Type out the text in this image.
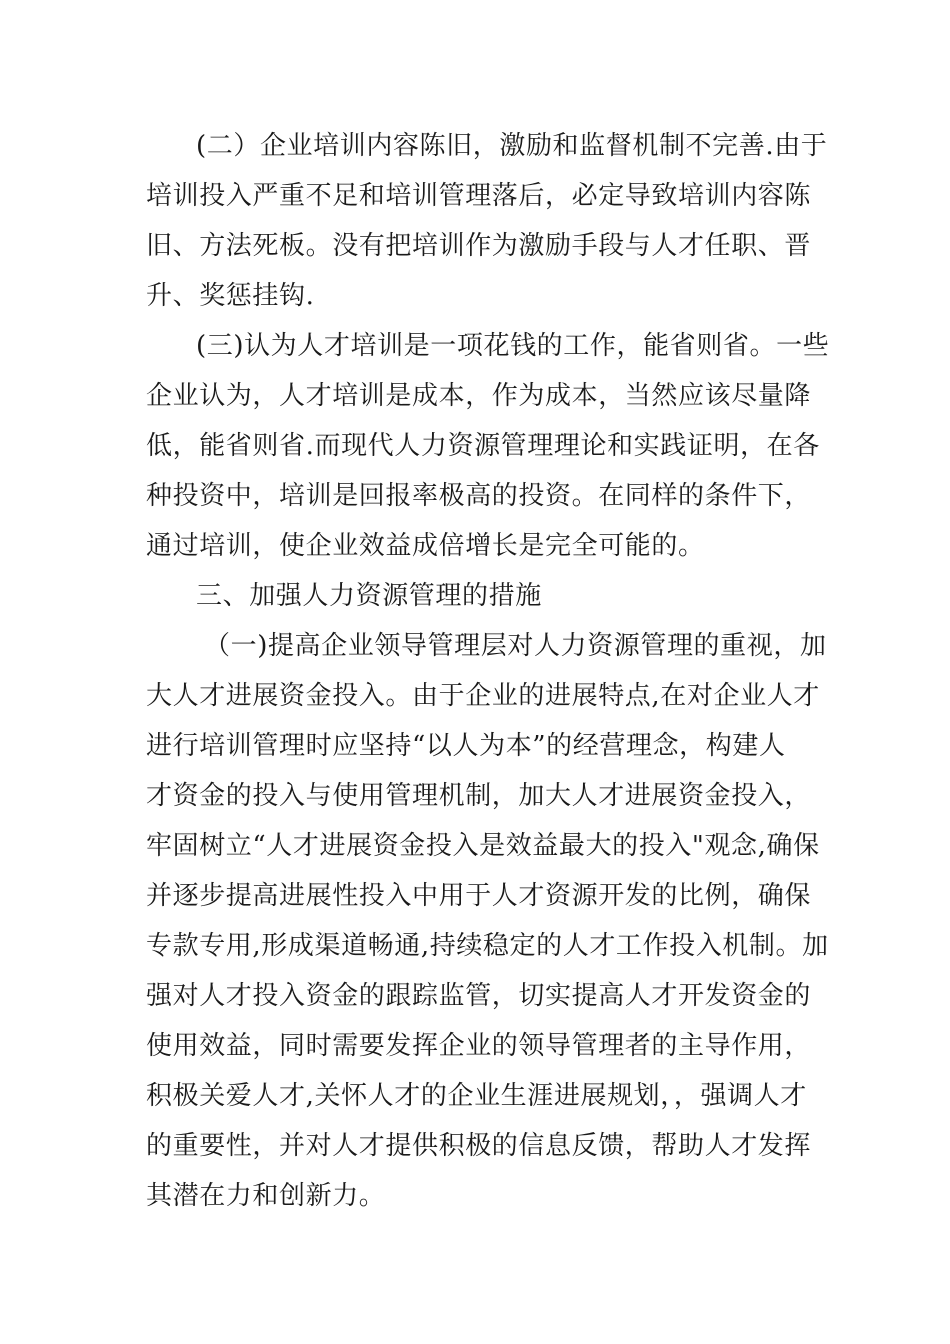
(二）企业培训内容陈旧，激励和监督机制不完善.由于
培训投入严重不足和培训管理落后，必定导致培训内容陈
旧、方法死板。没有把培训作为激励手段与人才任职、晋
升、奖惩挂钩.
(三)认为人才培训是一项花钱的工作，能省则省。一些
企业认为，人才培训是成本，作为成本，当然应该尽量降
低，能省则省.而现代人力资源管理理论和实践证明，在各
种投资中，培训是回报率极高的投资。在同样的条件下，
通过培训，使企业效益成倍增长是完全可能的。
三、加强人力资源管理的措施
（一)提高企业领导管理层对人力资源管理的重视，加
大人才进展资金投入。由于企业的进展特点,在对企业人才
进行培训管理时应坚持“以人为本”的经营理念，构建人
才资金的投入与使用管理机制，加大人才进展资金投入，
牢固树立“人才进展资金投入是效益最大的投入"观念,确保
并逐步提高进展性投入中用于人才资源开发的比例，确保
专款专用,形成渠道畅通,持续稳定的人才工作投入机制。加
强对人才投入资金的跟踪监管，切实提高人才开发资金的
使用效益，同时需要发挥企业的领导管理者的主导作用，
积极关爱人才,关怀人才的企业生涯进展规划，，强调人才
的重要性，并对人才提供积极的信息反馈，帮助人才发挥
其潜在力和创新力。
